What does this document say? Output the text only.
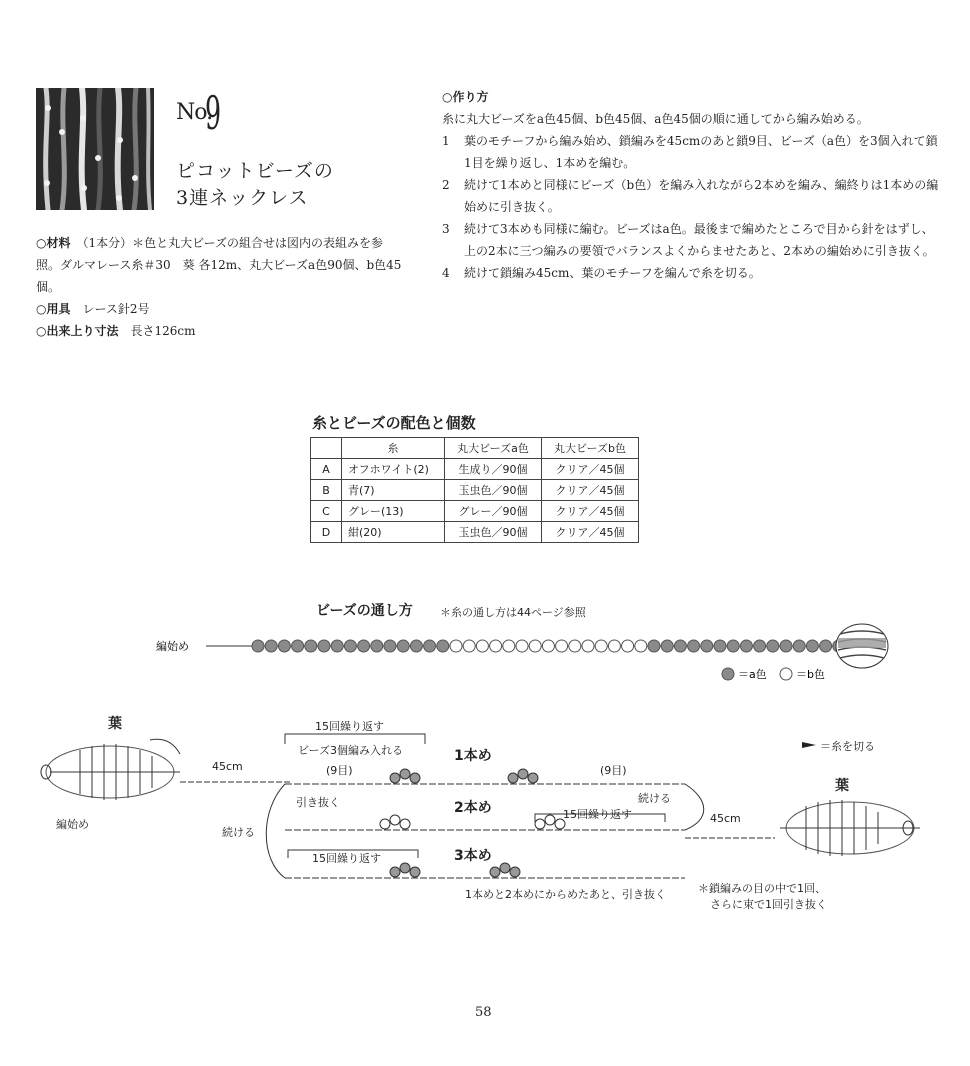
No.
9
ピコットビーズの
3連ネックレス

○材料　 （1本分）＊色と丸大ビーズの組合せは図内の表組みを参照。ダルマレース糸＃30　葵 各12m、丸大ビーズa色90個、b色45個。

○用具　 レース針2号

○出来上り寸法　 長さ126cm

○作り方

糸に丸大ビーズをa色45個、b色45個、a色45個の順に通してから編み始める。

1	葉のモチーフから編み始め、鎖編みを45cmのあと鎖9目、ビーズ（a色）を3個入れて鎖1目を繰り返し、1本めを編む。
2	続けて1本めと同様にビーズ（b色）を編み入れながら2本めを編み、編終りは1本めの編始めに引き抜く。
3	続けて3本めも同様に編む。ビーズはa色。最後まで編めたところで目から針をはずし、上の2本に三つ編みの要領でバランスよくからませたあと、2本めの編始めに引き抜く。
4	続けて鎖編み45cm、葉のモチーフを編んで糸を切る。
糸とビーズの配色と個数
	糸	丸大ビーズa色	丸大ビーズb色
A	オフホワイト(2)	生成り／90個	クリア／45個
B	青(7)	玉虫色／90個	クリア／45個
C	グレー(13)	グレー／90個	クリア／45個
D	紺(20)	玉虫色／90個	クリア／45個
ビーズの通し方 ＊糸の通し方は44ページ参照
編始め
＝a色	＝b色
葉
編始め
45cm
15回繰り返す
ビーズ3個編み入れる
(9目)	(9目)
1本め
2本め
3本め
引き抜く
続ける
続ける
15回繰り返す
15回繰り返す
＝糸を切る
葉
45cm
1本めと2本めにからめたあと、引き抜く	＊鎖編みの目の中で1回、
さらに束で1回引き抜く
58
